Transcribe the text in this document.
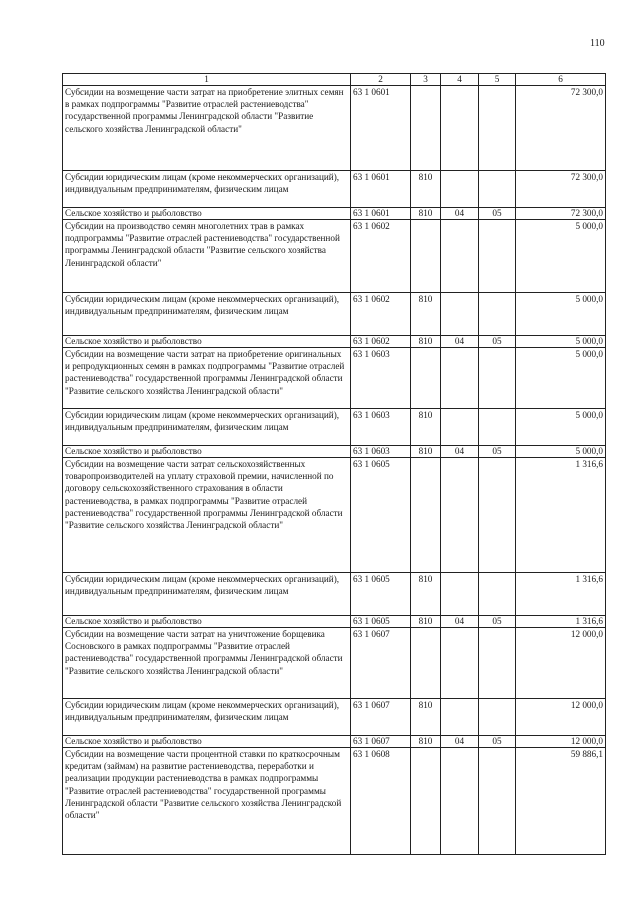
110
1	2	3	4	5	6
Субсидии на возмещение части затрат на приобретение элитных семян в рамках подпрограммы "Развитие отраслей растениеводства" государственной программы Ленинградской области "Развитие сельского хозяйства Ленинградской области"	63 1 0601				72 300,0
Субсидии юридическим лицам (кроме некоммерческих организаций), индивидуальным предпринимателям, физическим лицам	63 1 0601	810			72 300,0
Сельское хозяйство и рыболовство	63 1 0601	810	04	05	72 300,0
Субсидии на производство семян многолетних трав в рамках подпрограммы "Развитие отраслей растениеводства" государственной программы Ленинградской области "Развитие сельского хозяйства Ленинградской области"	63 1 0602				5 000,0
Субсидии юридическим лицам (кроме некоммерческих организаций), индивидуальным предпринимателям, физическим лицам	63 1 0602	810			5 000,0
Сельское хозяйство и рыболовство	63 1 0602	810	04	05	5 000,0
Субсидии на возмещение части затрат на приобретение оригинальных и репродукционных семян в рамках подпрограммы "Развитие отраслей растениеводства" государственной программы Ленинградской области "Развитие сельского хозяйства Ленинградской области"	63 1 0603				5 000,0
Субсидии юридическим лицам (кроме некоммерческих организаций), индивидуальным предпринимателям, физическим лицам	63 1 0603	810			5 000,0
Сельское хозяйство и рыболовство	63 1 0603	810	04	05	5 000,0
Субсидии на возмещение части затрат сельскохозяйственных товаропроизводителей на уплату страховой премии, начисленной по договору сельскохозяйственного страхования в области растениеводства, в рамках подпрограммы "Развитие отраслей растениеводства" государственной программы Ленинградской области "Развитие сельского хозяйства Ленинградской области"	63 1 0605				1 316,6
Субсидии юридическим лицам (кроме некоммерческих организаций), индивидуальным предпринимателям, физическим лицам	63 1 0605	810			1 316,6
Сельское хозяйство и рыболовство	63 1 0605	810	04	05	1 316,6
Субсидии на возмещение части затрат на уничтожение борщевика Сосновского в рамках подпрограммы "Развитие отраслей растениеводства" государственной программы Ленинградской области "Развитие сельского хозяйства Ленинградской области"	63 1 0607				12 000,0
Субсидии юридическим лицам (кроме некоммерческих организаций), индивидуальным предпринимателям, физическим лицам	63 1 0607	810			12 000,0
Сельское хозяйство и рыболовство	63 1 0607	810	04	05	12 000,0
Субсидии на возмещение части процентной ставки по краткосрочным кредитам (займам) на развитие растениеводства, переработки и реализации продукции растениеводства в рамках подпрограммы "Развитие отраслей растениеводства" государственной программы Ленинградской области "Развитие сельского хозяйства Ленинградской области"	63 1 0608				59 886,1
